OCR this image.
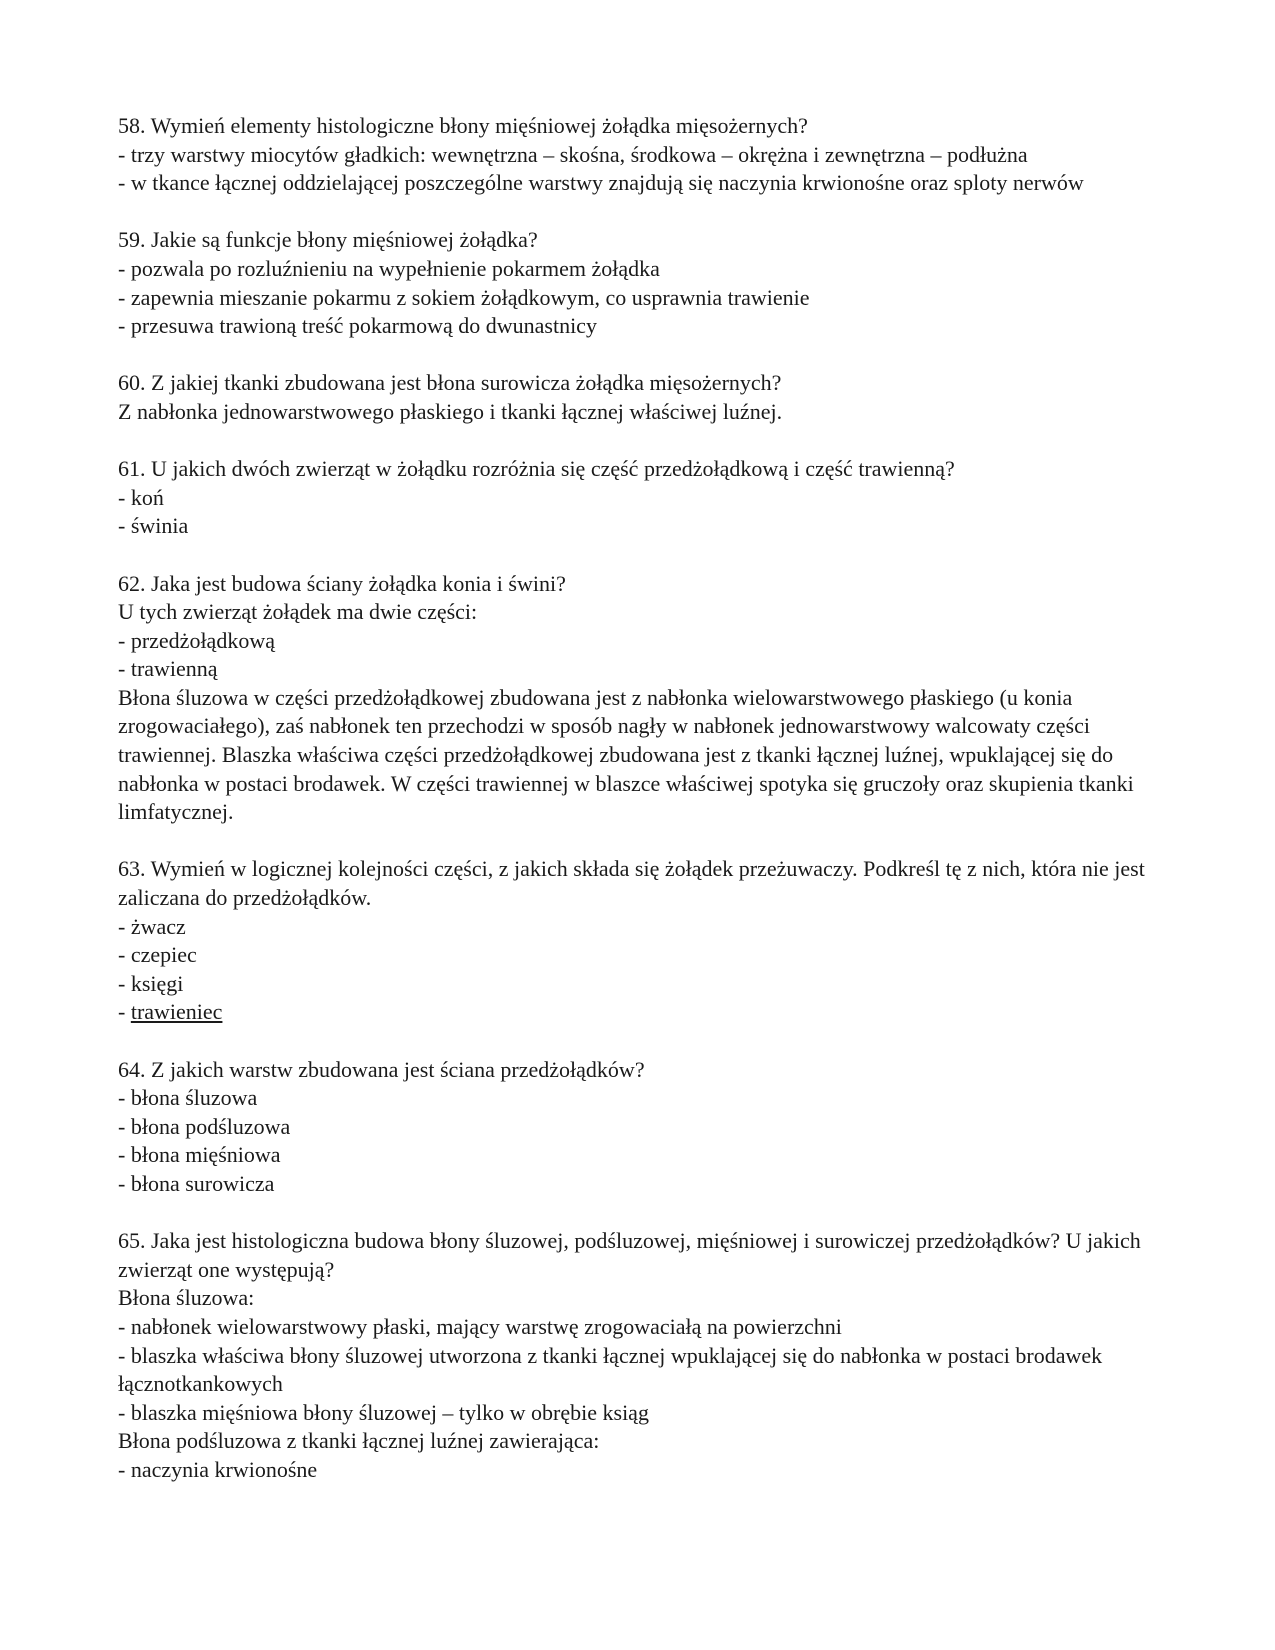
58. Wymień elementy histologiczne błony mięśniowej żołądka mięsożernych?
- trzy warstwy miocytów gładkich: wewnętrzna – skośna, środkowa – okrężna i zewnętrzna – podłużna
- w tkance łącznej oddzielającej poszczególne warstwy znajdują się naczynia krwionośne oraz sploty nerwów
59. Jakie są funkcje błony mięśniowej żołądka?
- pozwala po rozluźnieniu na wypełnienie pokarmem żołądka
- zapewnia mieszanie pokarmu z sokiem żołądkowym, co usprawnia trawienie
- przesuwa trawioną treść pokarmową do dwunastnicy
60. Z jakiej tkanki zbudowana jest błona surowicza żołądka mięsożernych?
Z nabłonka jednowarstwowego płaskiego i tkanki łącznej właściwej luźnej.
61. U jakich dwóch zwierząt w żołądku rozróżnia się część przedżołądkową i część trawienną?
- koń
- świnia
62. Jaka jest budowa ściany żołądka konia i świni?
U tych zwierząt żołądek ma dwie części:
- przedżołądkową
- trawienną
Błona śluzowa w części przedżołądkowej zbudowana jest z nabłonka wielowarstwowego płaskiego (u konia zrogowaciałego), zaś nabłonek ten przechodzi w sposób nagły w nabłonek jednowarstwowy walcowaty części trawiennej. Blaszka właściwa części przedżołądkowej zbudowana jest z tkanki łącznej luźnej, wpuklającej się do nabłonka w postaci brodawek. W części trawiennej w blaszce właściwej spotyka się gruczoły oraz skupienia tkanki limfatycznej.
63. Wymień w logicznej kolejności części, z jakich składa się żołądek przeżuwaczy. Podkreśl tę z nich, która nie jest zaliczana do przedżołądków.
- żwacz
- czepiec
- księgi
- trawieniec
64. Z jakich warstw zbudowana jest ściana przedżołądków?
- błona śluzowa
- błona podśluzowa
- błona mięśniowa
- błona surowicza
65. Jaka jest histologiczna budowa błony śluzowej, podśluzowej, mięśniowej i surowiczej przedżołądków? U jakich zwierząt one występują?
Błona śluzowa:
- nabłonek wielowarstwowy płaski, mający warstwę zrogowaciałą na powierzchni
- blaszka właściwa błony śluzowej utworzona z tkanki łącznej wpuklającej się do nabłonka w postaci brodawek łącznotkankowych
- blaszka mięśniowa błony śluzowej – tylko w obrębie ksiąg
Błona podśluzowa z tkanki łącznej luźnej zawierająca:
- naczynia krwionośne
